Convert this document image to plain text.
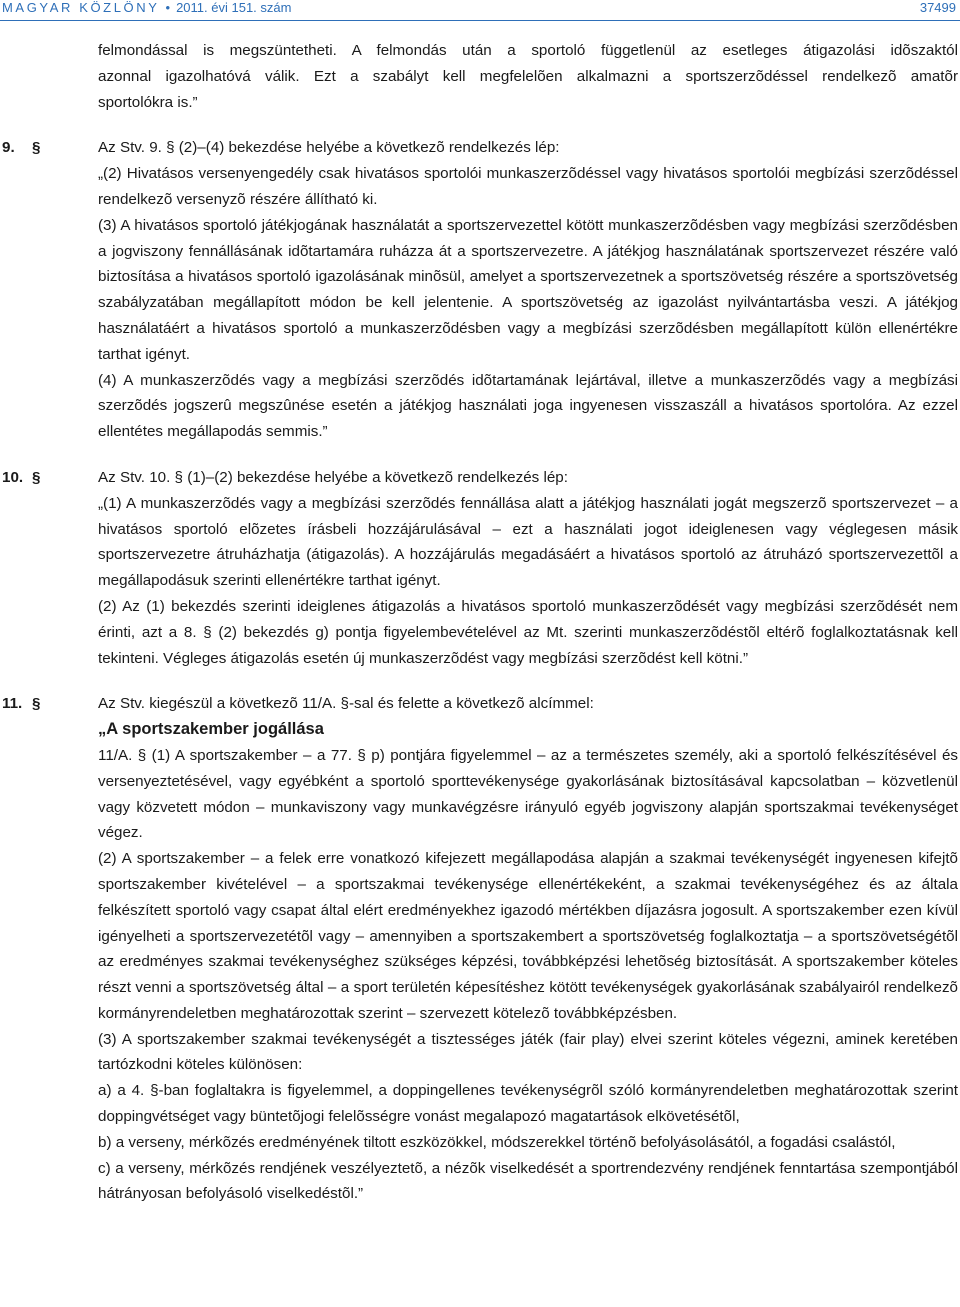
MAGYAR KÖZLÖNY • 2011. évi 151. szám	37499

felmondással is megszüntetheti. A felmondás után a sportoló függetlenül az esetleges átigazolási idõszaktól

azonnal igazolhatóvá válik. Ezt a szabályt kell megfelelõen alkalmazni a sportszerzõdéssel rendelkezõ amatõr

sportolókra is.”

9. §	Az Stv. 9. § (2)–(4) bekezdése helyébe a következõ rendelkezés lép:

„(2) Hivatásos versenyengedély csak hivatásos sportolói munkaszerzõdéssel vagy hivatásos sportolói megbízási szerzõdéssel rendelkezõ versenyzõ részére állítható ki.

(3) A hivatásos sportoló játékjogának használatát a sportszervezettel kötött munkaszerzõdésben vagy megbízási szerzõdésben a jogviszony fennállásának idõtartamára ruházza át a sportszervezetre. A játékjog használatának sportszervezet részére való biztosítása a hivatásos sportoló igazolásának minõsül, amelyet a sportszervezetnek a sportszövetség részére a sportszövetség szabályzatában megállapított módon be kell jelentenie. A sportszövetség az igazolást nyilvántartásba veszi. A játékjog használatáért a hivatásos sportoló a munkaszerzõdésben vagy a megbízási szerzõdésben megállapított külön ellenértékre tarthat igényt.

(4) A munkaszerzõdés vagy a megbízási szerzõdés idõtartamának lejártával, illetve a munkaszerzõdés vagy a megbízási szerzõdés jogszerû megszûnése esetén a játékjog használati joga ingyenesen visszaszáll a hivatásos sportolóra. Az ezzel ellentétes megállapodás semmis.”

10. §	Az Stv. 10. § (1)–(2) bekezdése helyébe a következõ rendelkezés lép:

„(1) A munkaszerzõdés vagy a megbízási szerzõdés fennállása alatt a játékjog használati jogát megszerzõ sportszervezet – a hivatásos sportoló elõzetes írásbeli hozzájárulásával – ezt a használati jogot ideiglenesen vagy véglegesen másik sportszervezetre átruházhatja (átigazolás). A hozzájárulás megadásáért a hivatásos sportoló az átruházó sportszervezettõl a megállapodásuk szerinti ellenértékre tarthat igényt.

(2) Az (1) bekezdés szerinti ideiglenes átigazolás a hivatásos sportoló munkaszerzõdését vagy megbízási szerzõdését nem érinti, azt a 8. § (2) bekezdés g) pontja figyelembevételével az Mt. szerinti munkaszerzõdéstõl eltérõ foglalkoztatásnak kell tekinteni. Végleges átigazolás esetén új munkaszerzõdést vagy megbízási szerzõdést kell kötni.”

11. §	Az Stv. kiegészül a következõ 11/A. §-sal és felette a következõ alcímmel:

„A sportszakember jogállása

11/A. § (1) A sportszakember – a 77. § p) pontjára figyelemmel – az a természetes személy, aki a sportoló felkészítésével és versenyeztetésével, vagy egyébként a sportoló sporttevékenysége gyakorlásának biztosításával kapcsolatban – közvetlenül vagy közvetett módon – munkaviszony vagy munkavégzésre irányuló egyéb jogviszony alapján sportszakmai tevékenységet végez.

(2) A sportszakember – a felek erre vonatkozó kifejezett megállapodása alapján a szakmai tevékenységét ingyenesen kifejtõ sportszakember kivételével – a sportszakmai tevékenysége ellenértékeként, a szakmai tevékenységéhez és az általa felkészített sportoló vagy csapat által elért eredményekhez igazodó mértékben díjazásra jogosult. A sportszakember ezen kívül igényelheti a sportszervezetétõl vagy – amennyiben a sportszakembert a sportszövetség foglalkoztatja – a sportszövetségétõl az eredményes szakmai tevékenységhez szükséges képzési, továbbképzési lehetõség biztosítását. A sportszakember köteles részt venni a sportszövetség által – a sport területén képesítéshez kötött tevékenységek gyakorlásának szabályairól rendelkezõ kormányrendeletben meghatározottak szerint – szervezett kötelezõ továbbképzésben.

(3) A sportszakember szakmai tevékenységét a tisztességes játék (fair play) elvei szerint köteles végezni, aminek keretében tartózkodni köteles különösen:

a) a 4. §-ban foglaltakra is figyelemmel, a doppingellenes tevékenységrõl szóló kormányrendeletben meghatározottak szerint doppingvétséget vagy büntetõjogi felelõsségre vonást megalapozó magatartások elkövetésétõl,

b) a verseny, mérkõzés eredményének tiltott eszközökkel, módszerekkel történõ befolyásolásától, a fogadási csalástól,

c) a verseny, mérkõzés rendjének veszélyeztetõ, a nézõk viselkedését a sportrendezvény rendjének fenntartása szempontjából hátrányosan befolyásoló viselkedéstõl.”
